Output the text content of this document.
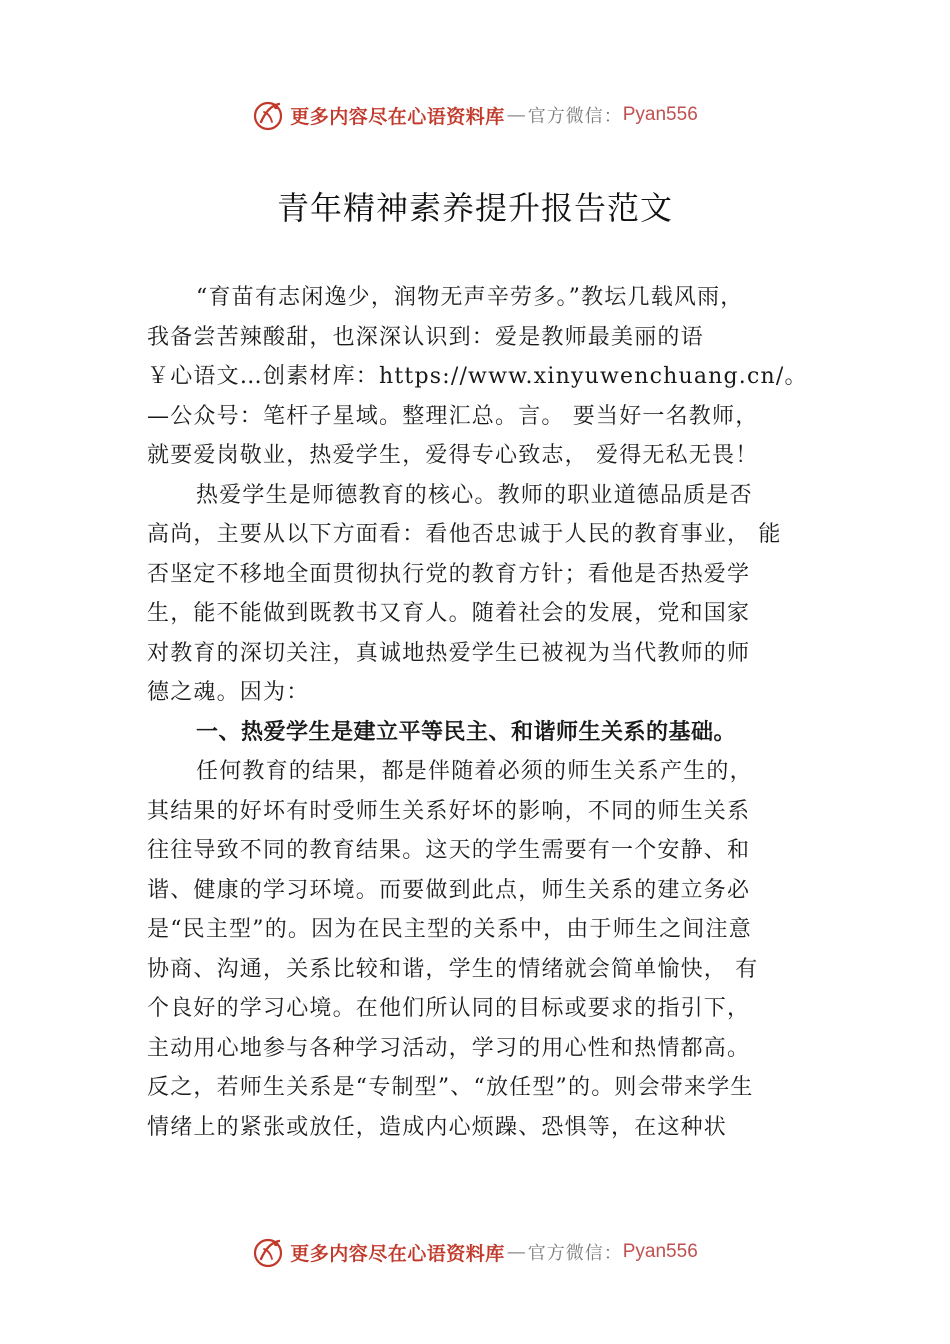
更多内容尽在心语资料库 — 官方微信： Pyan556
青年精神素养提升报告范文
“育苗有志闲逸少，润物无声辛劳多。”教坛几载风雨，
我备尝苦辣酸甜，也深深认识到：爱是教师最美丽的语
￥心语文…创素材库：https://www.xinyuwenchuang.cn/。
—公众号：笔杆子星域。整理汇总。言。 要当好一名教师，
就要爱岗敬业，热爱学生，爱得专心致志， 爱得无私无畏！
热爱学生是师德教育的核心。教师的职业道德品质是否
高尚，主要从以下方面看：看他否忠诚于人民的教育事业， 能
否坚定不移地全面贯彻执行党的教育方针；看他是否热爱学
生，能不能做到既教书又育人。随着社会的发展，党和国家
对教育的深切关注，真诚地热爱学生已被视为当代教师的师
德之魂。因为：
一、热爱学生是建立平等民主、和谐师生关系的基础。
任何教育的结果，都是伴随着必须的师生关系产生的，
其结果的好坏有时受师生关系好坏的影响，不同的师生关系
往往导致不同的教育结果。这天的学生需要有一个安静、和
谐、健康的学习环境。而要做到此点，师生关系的建立务必
是“民主型”的。因为在民主型的关系中，由于师生之间注意
协商、沟通，关系比较和谐，学生的情绪就会简单愉快， 有
个良好的学习心境。在他们所认同的目标或要求的指引下，
主动用心地参与各种学习活动，学习的用心性和热情都高。
反之，若师生关系是“专制型”、“放任型”的。则会带来学生
情绪上的紧张或放任，造成内心烦躁、恐惧等，在这种状
更多内容尽在心语资料库 — 官方微信： Pyan556
